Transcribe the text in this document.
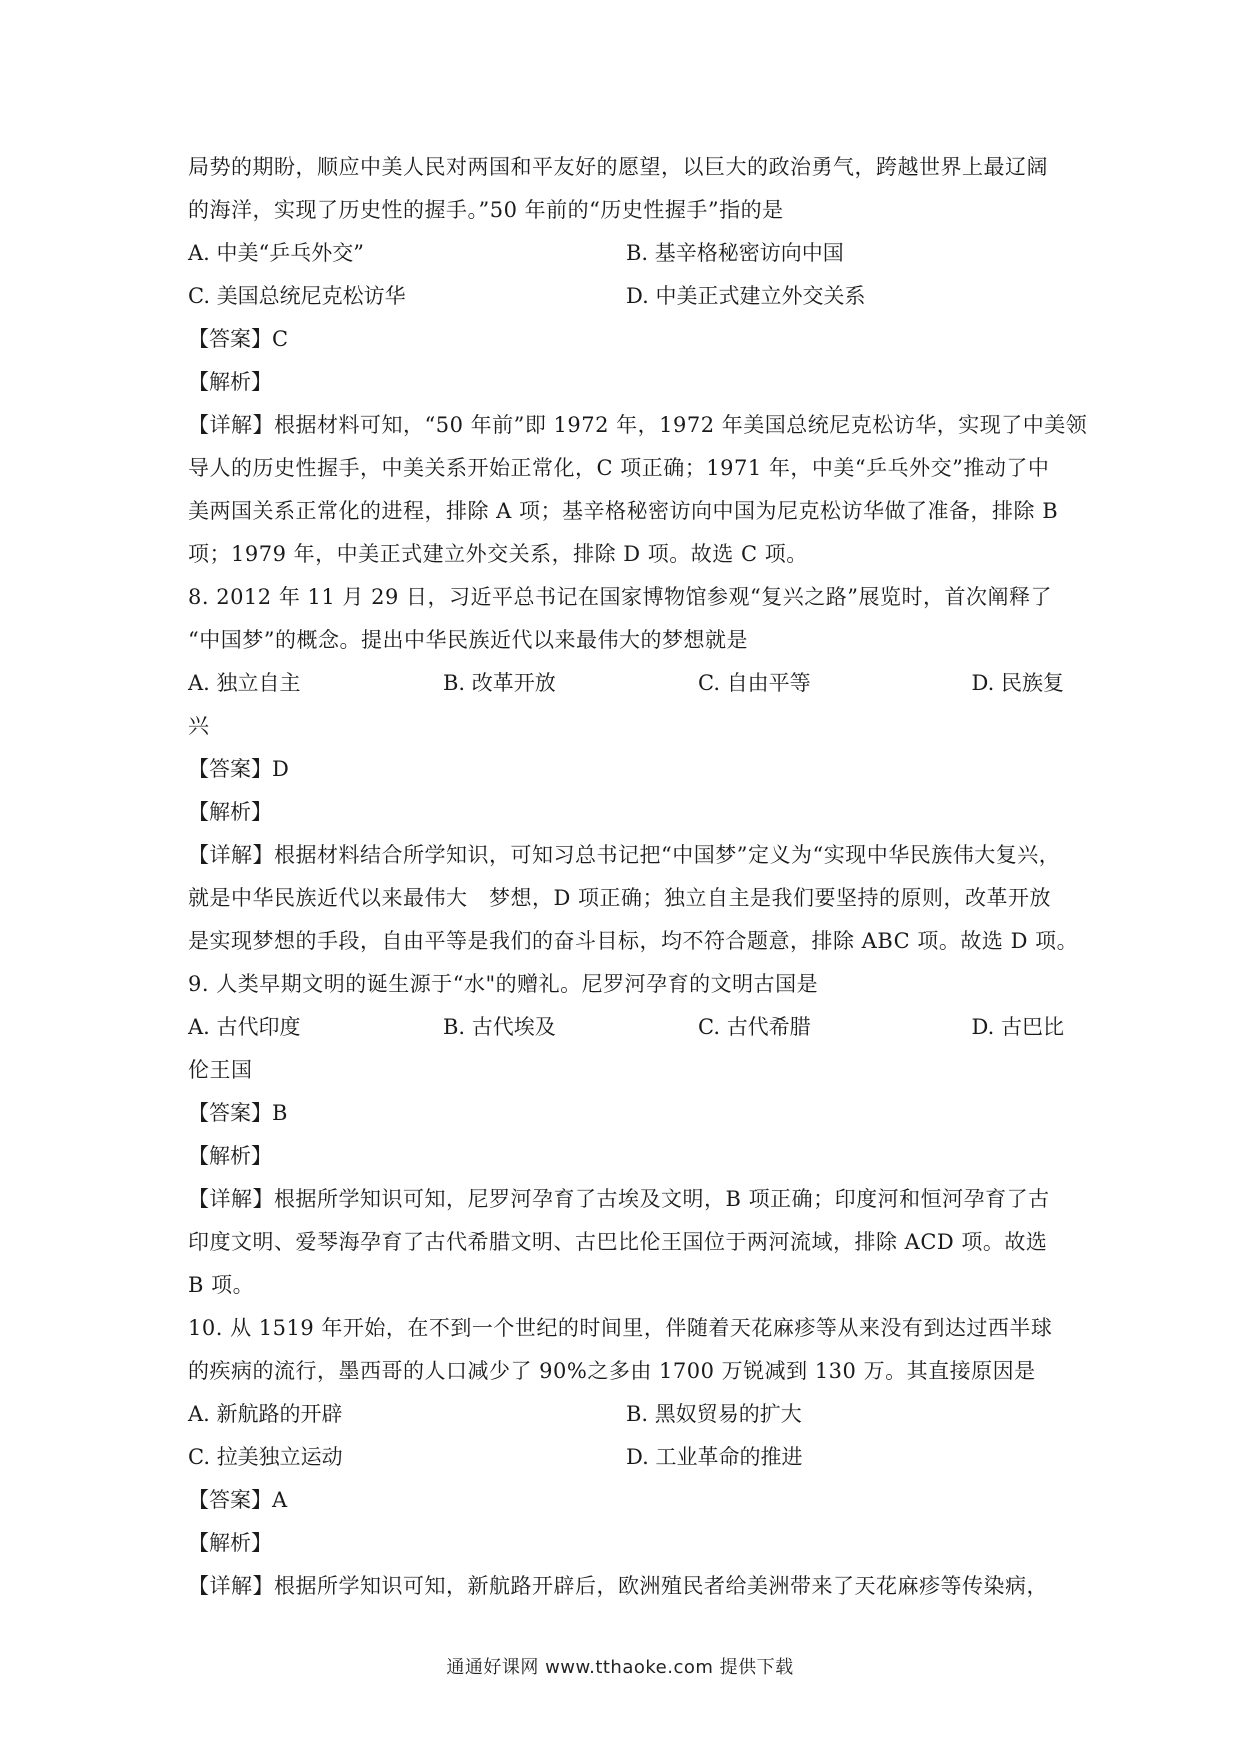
局势的期盼，顺应中美人民对两国和平友好的愿望，以巨大的政治勇气，跨越世界上最辽阔
的海洋，实现了历史性的握手。”50 年前的“历史性握手”指的是
A. 中美“乒乓外交”	B. 基辛格秘密访向中国
C. 美国总统尼克松访华	D. 中美正式建立外交关系
【答案】C
【解析】
【详解】根据材料可知，“50 年前”即 1972 年，1972 年美国总统尼克松访华，实现了中美领
导人的历史性握手，中美关系开始正常化，C 项正确；1971 年，中美“乒乓外交”推动了中
美两国关系正常化的进程，排除 A 项；基辛格秘密访向中国为尼克松访华做了准备，排除 B
项；1979 年，中美正式建立外交关系，排除 D 项。故选 C 项。
8. 2012 年 11 月 29 日，习近平总书记在国家博物馆参观“复兴之路”展览时，首次阐释了
“中国梦”的概念。提出中华民族近代以来最伟大的梦想就是
A. 独立自主	B. 改革开放	C. 自由平等	D. 民族复
兴
【答案】D
【解析】
【详解】根据材料结合所学知识，可知习总书记把“中国梦”定义为“实现中华民族伟大复兴，
就是中华民族近代以来最伟大　梦想，D 项正确；独立自主是我们要坚持的原则，改革开放
是实现梦想的手段，自由平等是我们的奋斗目标，均不符合题意，排除 ABC 项。故选 D 项。
9. 人类早期文明的诞生源于“水"的赠礼。尼罗河孕育的文明古国是
A. 古代印度	B. 古代埃及	C. 古代希腊	D. 古巴比
伦王国
【答案】B
【解析】
【详解】根据所学知识可知，尼罗河孕育了古埃及文明，B 项正确；印度河和恒河孕育了古
印度文明、爱琴海孕育了古代希腊文明、古巴比伦王国位于两河流域，排除 ACD 项。故选
B 项。
10. 从 1519 年开始，在不到一个世纪的时间里，伴随着天花麻疹等从来没有到达过西半球
的疾病的流行，墨西哥的人口减少了 90%之多由 1700 万锐减到 130 万。其直接原因是
A. 新航路的开辟	B. 黑奴贸易的扩大
C. 拉美独立运动	D. 工业革命的推进
【答案】A
【解析】
【详解】根据所学知识可知，新航路开辟后，欧洲殖民者给美洲带来了天花麻疹等传染病，
通通好课网 www.tthaoke.com 提供下载
